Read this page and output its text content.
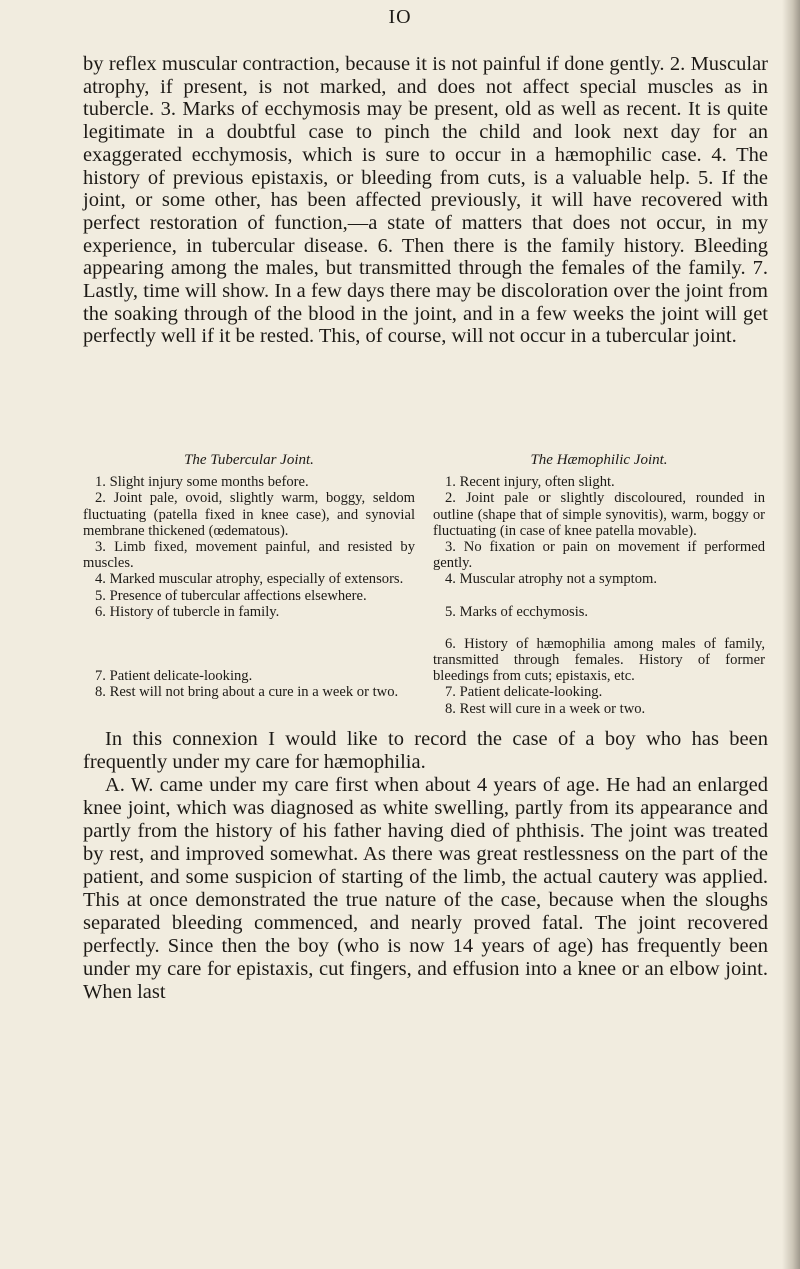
IO

by reflex muscular contraction, because it is not painful if done gently. 2. Muscular atrophy, if present, is not marked, and does not affect special muscles as in tubercle. 3. Marks of ecchymosis may be present, old as well as recent. It is quite legitimate in a doubtful case to pinch the child and look next day for an exaggerated ecchymosis, which is sure to occur in a hæmophilic case. 4. The history of previous epistaxis, or bleeding from cuts, is a valuable help. 5. If the joint, or some other, has been affected previously, it will have recovered with perfect restoration of function,—a state of matters that does not occur, in my experience, in tubercular disease. 6. Then there is the family history. Bleeding appearing among the males, but transmitted through the females of the family. 7. Lastly, time will show. In a few days there may be discoloration over the joint from the soaking through of the blood in the joint, and in a few weeks the joint will get perfectly well if it be rested. This, of course, will not occur in a tubercular joint.

The Tubercular Joint.

1. Slight injury some months before.

2. Joint pale, ovoid, slightly warm, boggy, seldom fluctuating (patella fixed in knee case), and synovial membrane thickened (œdematous).

3. Limb fixed, movement painful, and resisted by muscles.

4. Marked muscular atrophy, especially of extensors.

5. Presence of tubercular affections elsewhere.

6. History of tubercle in family.

7. Patient delicate-looking.

8. Rest will not bring about a cure in a week or two.

The Hæmophilic Joint.

1. Recent injury, often slight.

2. Joint pale or slightly discoloured, rounded in outline (shape that of simple synovitis), warm, boggy or fluctuating (in case of knee patella movable).

3. No fixation or pain on movement if performed gently.

4. Muscular atrophy not a symptom.

5. Marks of ecchymosis.

6. History of hæmophilia among males of family, transmitted through females. History of former bleedings from cuts; epistaxis, etc.

7. Patient delicate-looking.

8. Rest will cure in a week or two.

In this connexion I would like to record the case of a boy who has been frequently under my care for hæmophilia.
A. W. came under my care first when about 4 years of age. He had an enlarged knee joint, which was diagnosed as white swelling, partly from its appearance and partly from the history of his father having died of phthisis. The joint was treated by rest, and improved somewhat. As there was great restlessness on the part of the patient, and some suspicion of starting of the limb, the actual cautery was applied. This at once demonstrated the true nature of the case, because when the sloughs separated bleeding commenced, and nearly proved fatal. The joint recovered perfectly. Since then the boy (who is now 14 years of age) has frequently been under my care for epistaxis, cut fingers, and effusion into a knee or an elbow joint. When last
